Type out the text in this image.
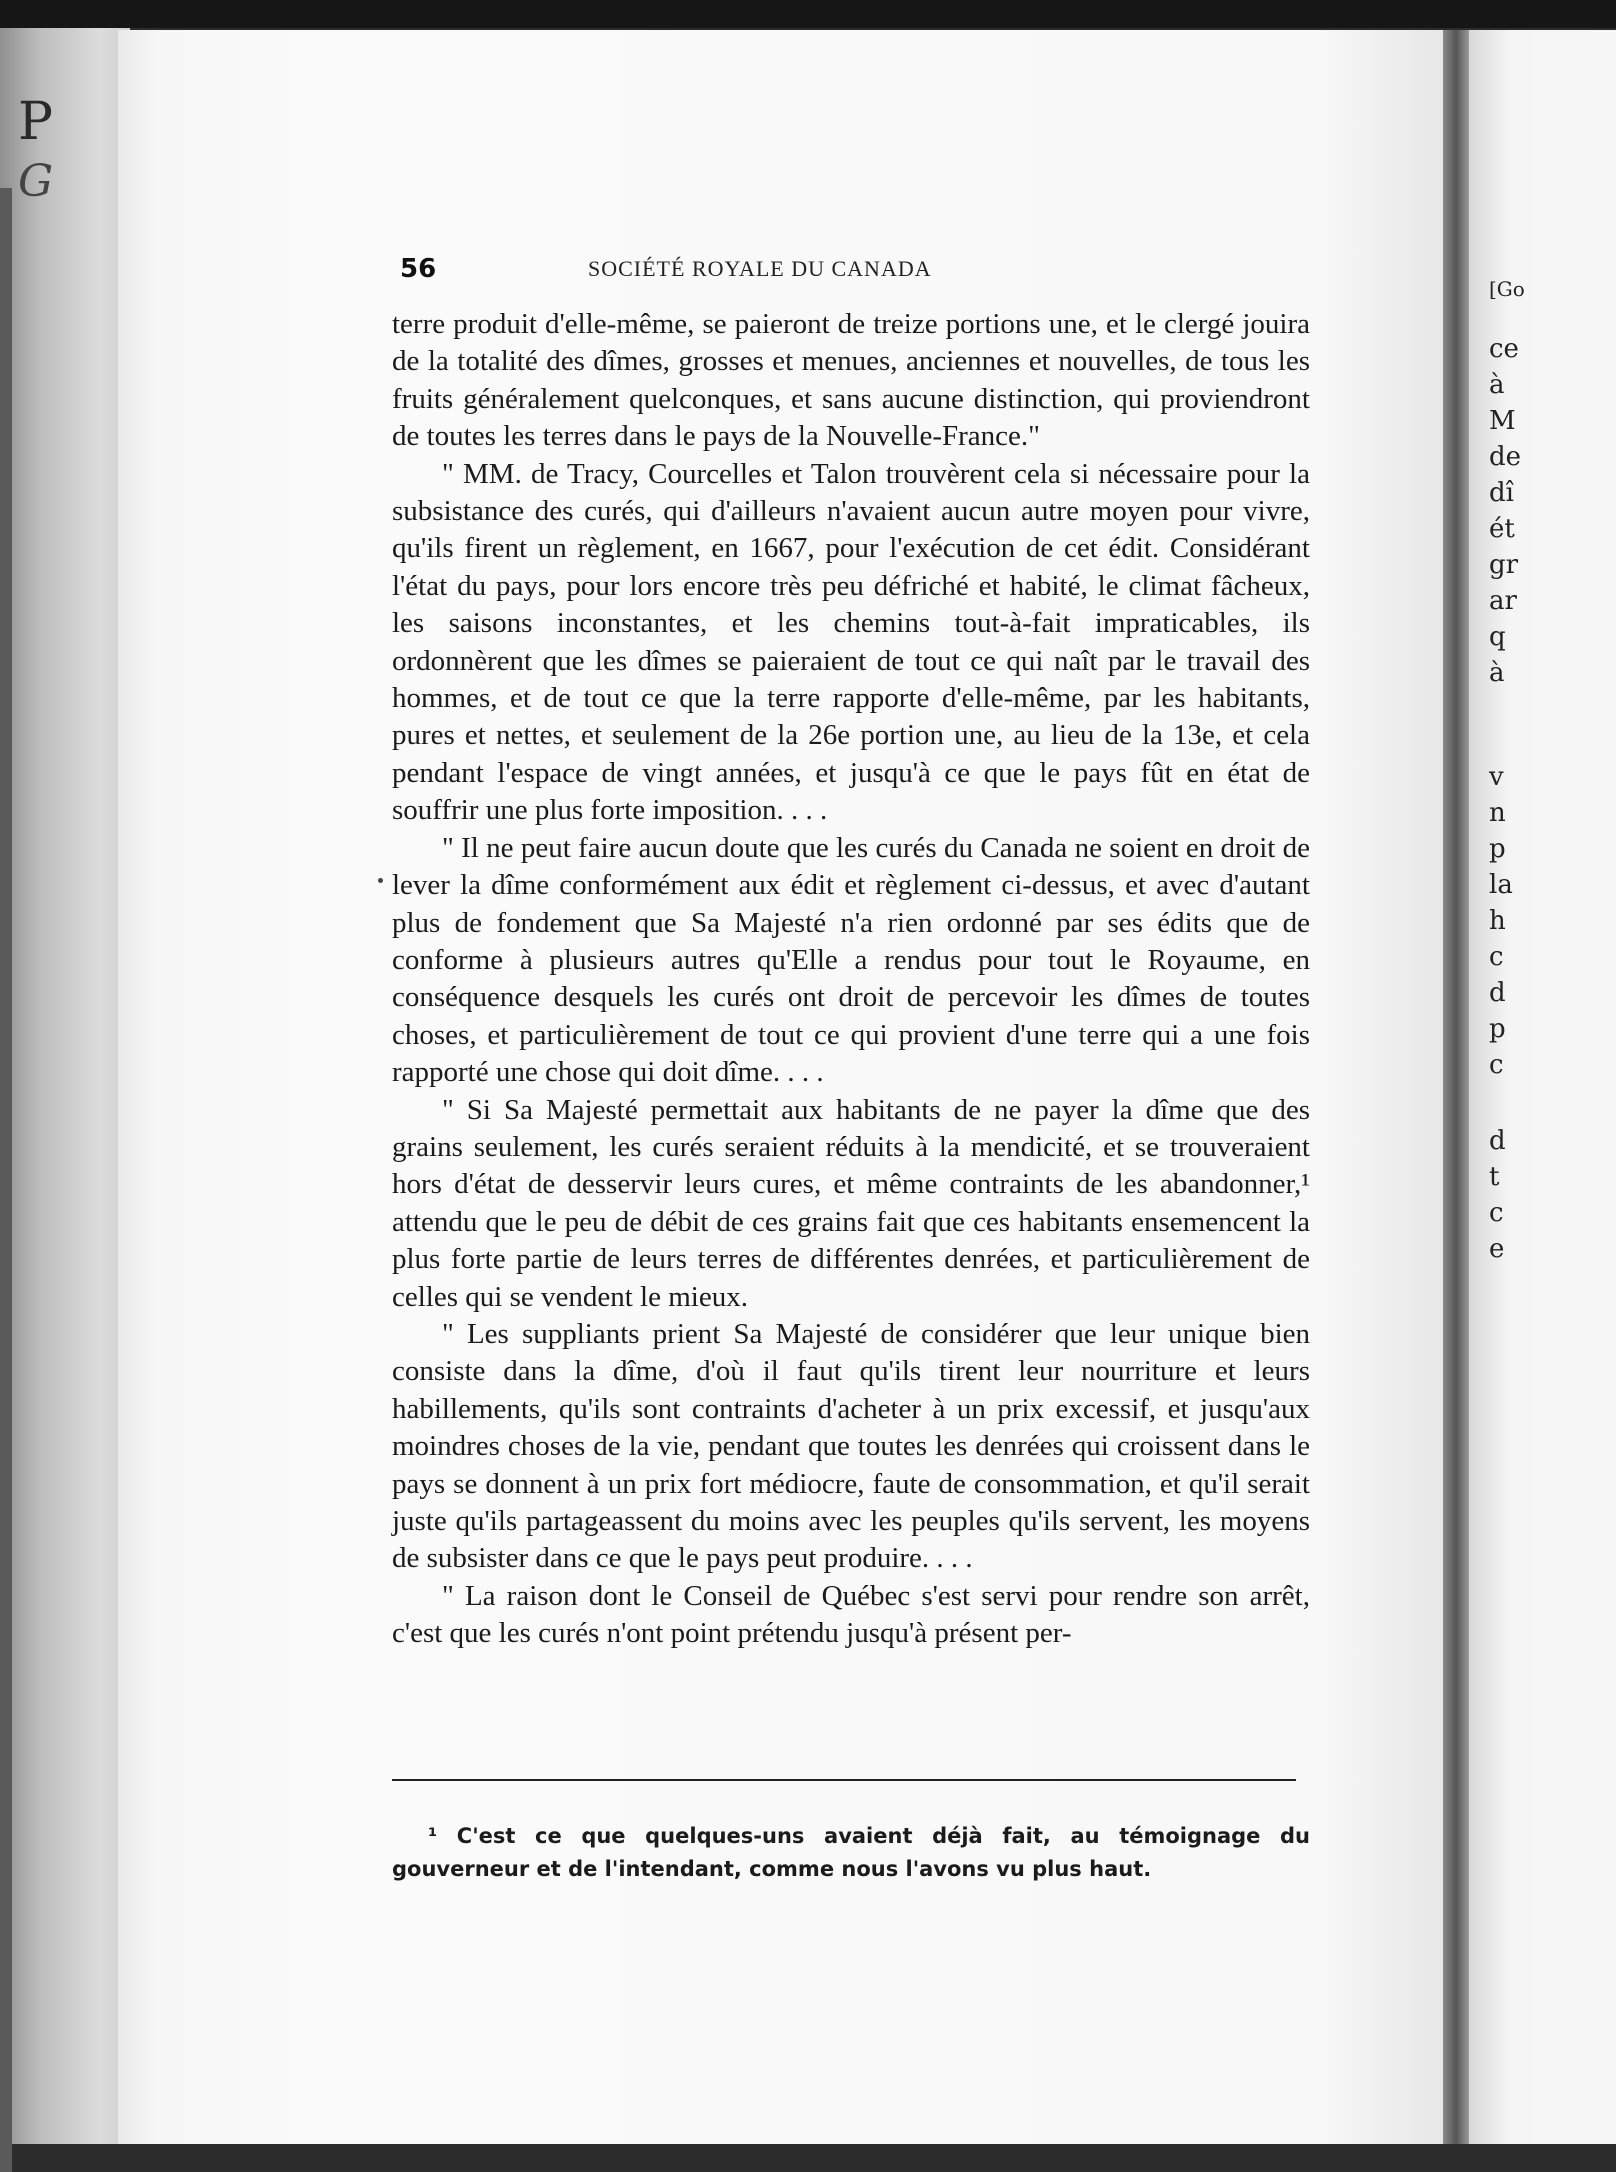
P
G
[Go
ce
à
M
de
dî
ét
gr
ar
q
à
v
n
p
la
h
c
d
p
c
d
t
c
e
56	SOCIÉTÉ ROYALE DU CANADA

terre produit d'elle-même, se paieront de treize portions une, et le clergé jouira de la totalité des dîmes, grosses et menues, anciennes et nouvelles, de tous les fruits généralement quelconques, et sans aucune distinction, qui proviendront de toutes les terres dans le pays de la Nouvelle-France."

" MM. de Tracy, Courcelles et Talon trouvèrent cela si nécessaire pour la subsistance des curés, qui d'ailleurs n'avaient aucun autre moyen pour vivre, qu'ils firent un règlement, en 1667, pour l'exécution de cet édit. Considérant l'état du pays, pour lors encore très peu défriché et habité, le climat fâcheux, les saisons inconstantes, et les chemins tout-à-fait impraticables, ils ordonnèrent que les dîmes se paieraient de tout ce qui naît par le travail des hommes, et de tout ce que la terre rapporte d'elle-même, par les habitants, pures et nettes, et seulement de la 26e portion une, au lieu de la 13e, et cela pendant l'espace de vingt années, et jusqu'à ce que le pays fût en état de souffrir une plus forte imposition. . . .

" Il ne peut faire aucun doute que les curés du Canada ne soient en droit de lever la dîme conformément aux édit et règlement ci-dessus, et avec d'autant plus de fondement que Sa Majesté n'a rien ordonné par ses édits que de conforme à plusieurs autres qu'Elle a rendus pour tout le Royaume, en conséquence desquels les curés ont droit de percevoir les dîmes de toutes choses, et particulièrement de tout ce qui provient d'une terre qui a une fois rapporté une chose qui doit dîme. . . .

" Si Sa Majesté permettait aux habitants de ne payer la dîme que des grains seulement, les curés seraient réduits à la mendicité, et se trouveraient hors d'état de desservir leurs cures, et même contraints de les abandonner,¹ attendu que le peu de débit de ces grains fait que ces habitants ensemencent la plus forte partie de leurs terres de différentes denrées, et particulièrement de celles qui se vendent le mieux.

" Les suppliants prient Sa Majesté de considérer que leur unique bien consiste dans la dîme, d'où il faut qu'ils tirent leur nourriture et leurs habillements, qu'ils sont contraints d'acheter à un prix excessif, et jusqu'aux moindres choses de la vie, pendant que toutes les denrées qui croissent dans le pays se donnent à un prix fort médiocre, faute de consommation, et qu'il serait juste qu'ils partageassent du moins avec les peuples qu'ils servent, les moyens de subsister dans ce que le pays peut produire. . . .

" La raison dont le Conseil de Québec s'est servi pour rendre son arrêt, c'est que les curés n'ont point prétendu jusqu'à présent per-

¹ C'est ce que quelques-uns avaient déjà fait, au témoignage du gouverneur et de l'intendant, comme nous l'avons vu plus haut.
